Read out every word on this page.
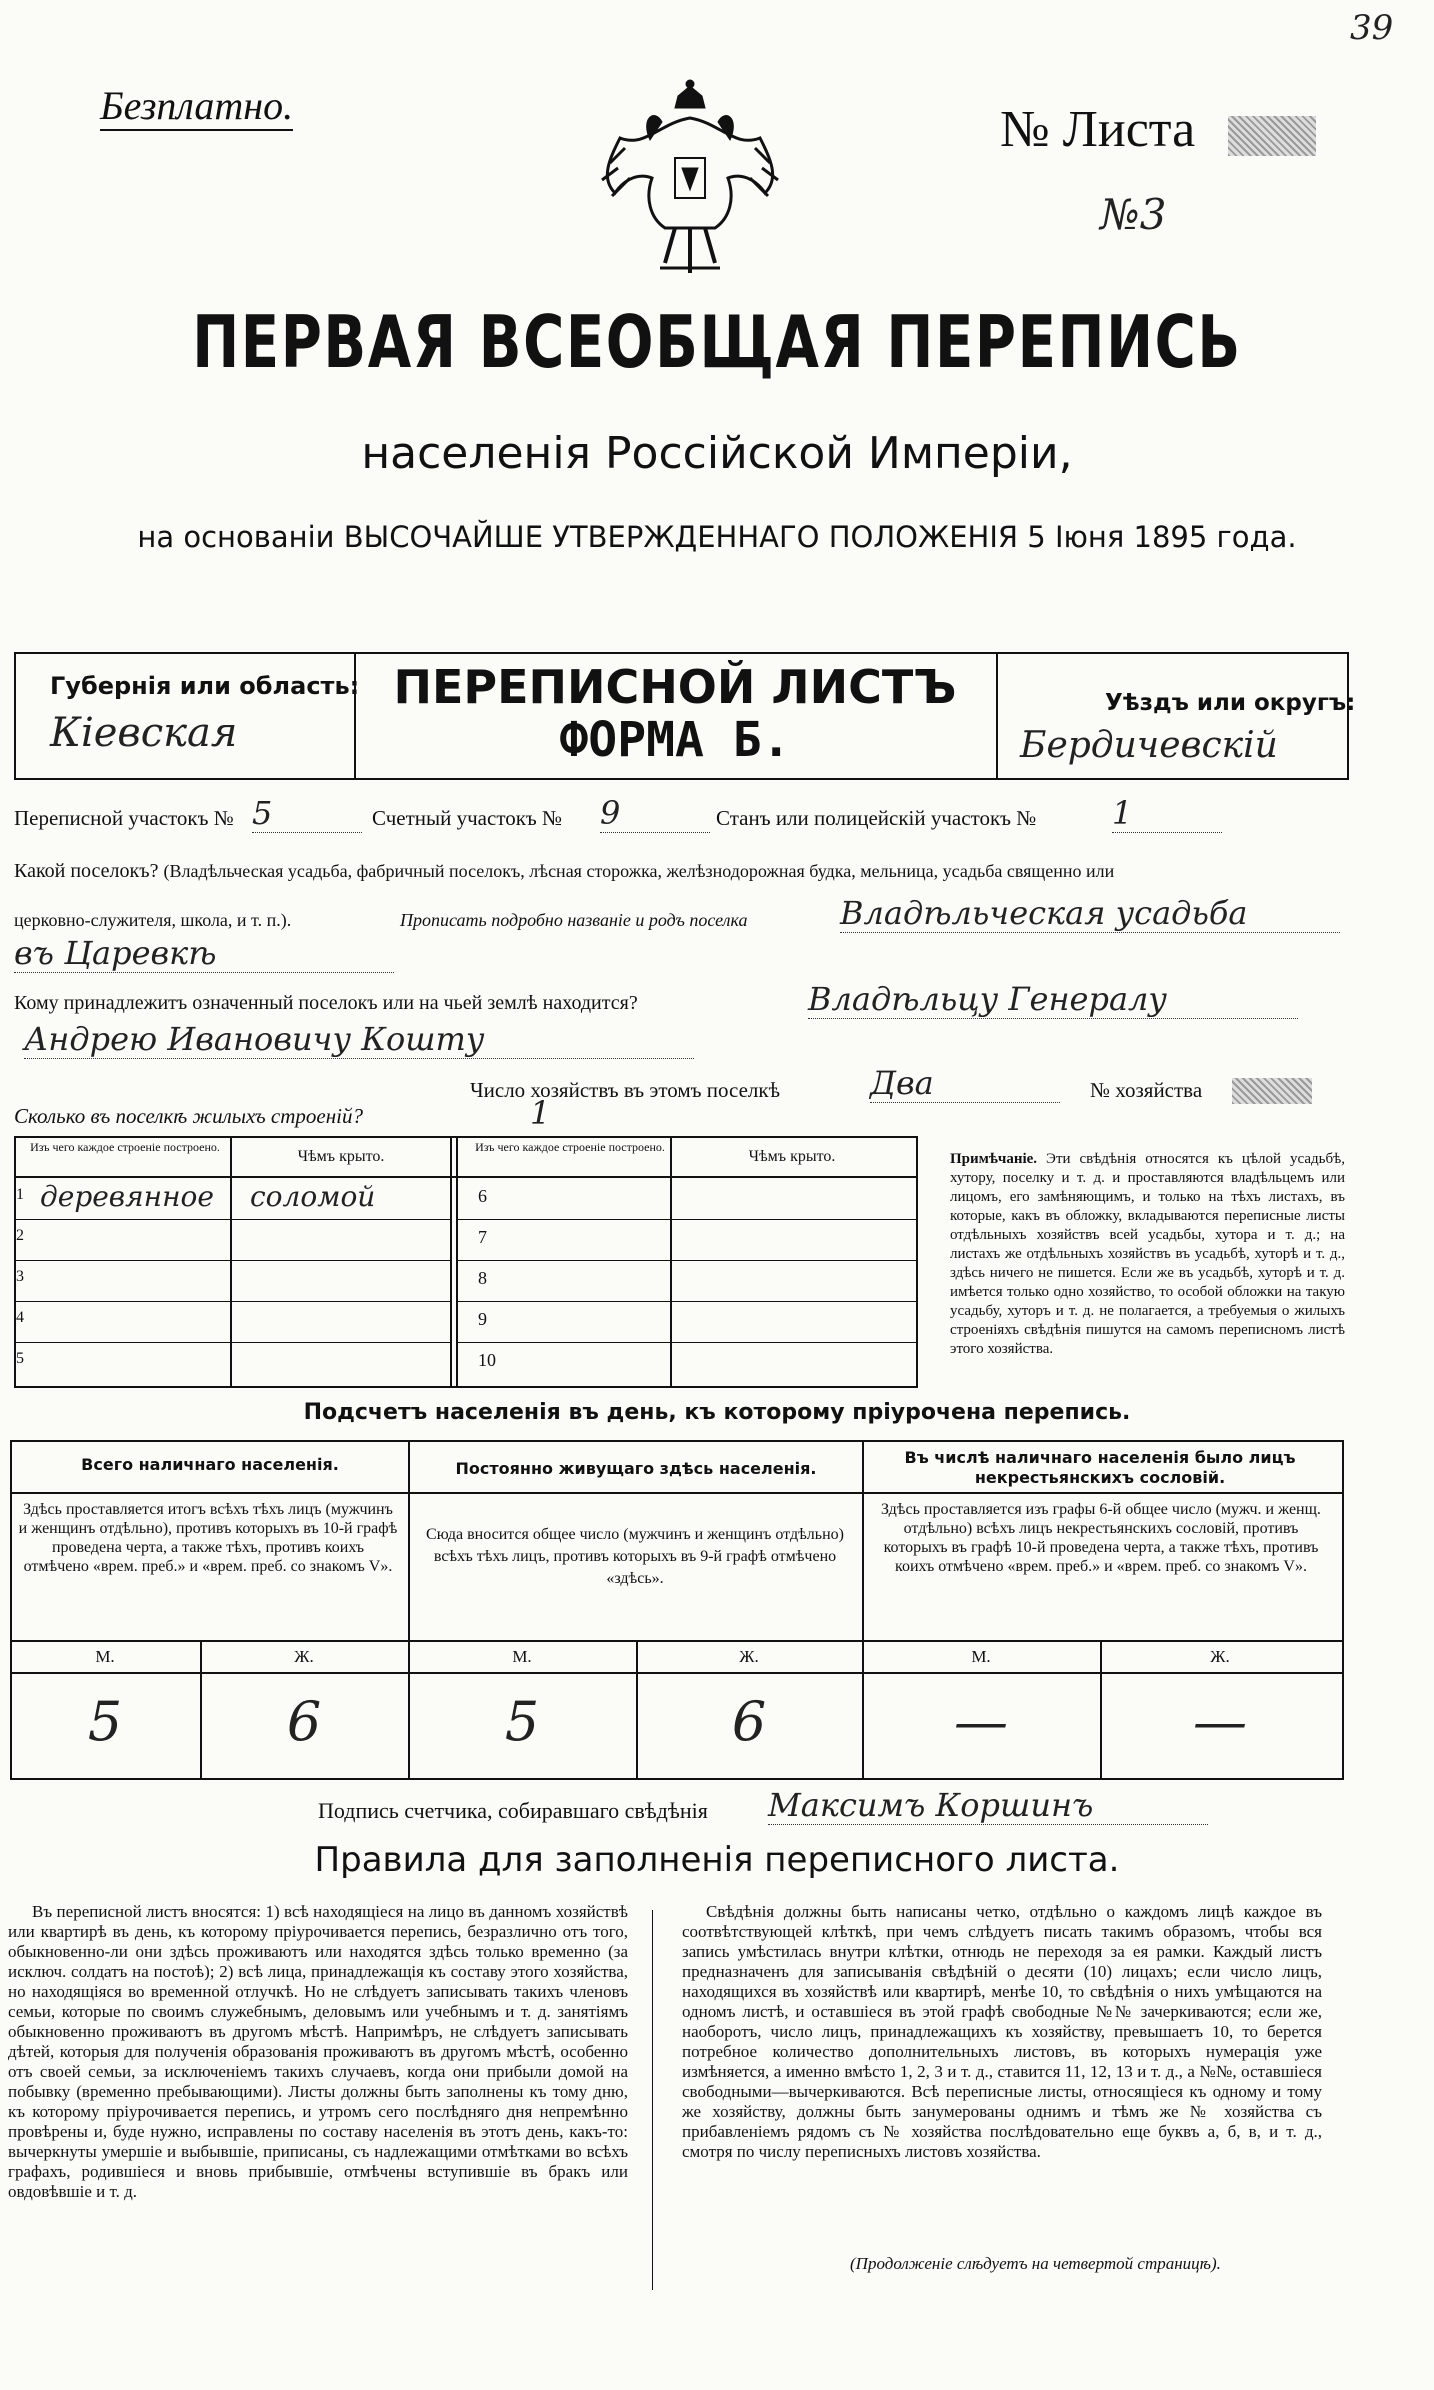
39
Безплатно.	№ Листа
№3
ПЕРВАЯ ВСЕОБЩАЯ ПЕРЕПИСЬ
населенія Россійской Имперіи,
на основаніи ВЫСОЧАЙШЕ УТВЕРЖДЕННАГО ПОЛОЖЕНІЯ 5 Іюня 1895 года.
Губернія или область:
Кіевская
ПЕРЕПИСНОЙ ЛИСТЪ
ФОРМА Б.
Уѣздъ или округъ:
Бердичевскій
Переписной участокъ № 5	Счетный участокъ № 9	Станъ или полицейскій участокъ № 1
Какой поселокъ? (Владѣльческая усадьба, фабричный поселокъ, лѣсная сторожка, желѣзнодорожная будка, мельница, усадьба священно или
церковно-служителя, школа, и т. п.).	Прописать подробно названіе и родъ поселка	Владѣльческая усадьба
въ Царевкѣ
Кому принадлежитъ означенный поселокъ или на чьей землѣ находится?	Владѣльцу Генералу
Андрею Ивановичу Кошту
Число хозяйствъ въ этомъ поселкѣ	Два	№ хозяйства
Сколько въ поселкѣ жилыхъ строеній?	1
Изъ чего каждое строеніе построено.
Чѣмъ крыто.
Изъ чего каждое строеніе построено.
Чѣмъ крыто.
1 деревянное соломой
2
3
4
5
6
7
8
9
10
Примѣчаніе. Эти свѣдѣнія относятся къ цѣлой усадьбѣ, хутору, поселку и т. д. и проставляются владѣльцемъ или лицомъ, его замѣняющимъ, и только на тѣхъ листахъ, въ которые, какъ въ обложку, вкладываются переписные листы отдѣльныхъ хозяйствъ всей усадьбы, хутора и т. д.; на листахъ же отдѣльныхъ хозяйствъ въ усадьбѣ, хуторѣ и т. д., здѣсь ничего не пишется. Если же въ усадьбѣ, хуторѣ и т. д. имѣется только одно хозяйство, то особой обложки на такую усадьбу, хуторъ и т. д. не полагается, а требуемыя о жилыхъ строеніяхъ свѣдѣнія пишутся на самомъ переписномъ листѣ этого хозяйства.
Подсчетъ населенія въ день, къ которому пріурочена перепись.
Всего наличнаго населенія.	Постоянно живущаго здѣсь населенія.
Въ числѣ наличнаго населенія было лицъ некрестьянскихъ сословій.
Здѣсь проставляется итогъ всѣхъ тѣхъ лицъ (мужчинъ и женщинъ отдѣльно), противъ которыхъ въ 10-й графѣ проведена черта, а также тѣхъ, противъ коихъ отмѣчено «врем. преб.» и «врем. преб. со знакомъ V».
Сюда вносится общее число (мужчинъ и женщинъ отдѣльно) всѣхъ тѣхъ лицъ, противъ которыхъ въ 9-й графѣ отмѣчено «здѣсь».
Здѣсь проставляется изъ графы 6-й общее число (мужч. и женщ. отдѣльно) всѣхъ лицъ некрестьянскихъ сословій, противъ которыхъ въ графѣ 10-й проведена черта, а также тѣхъ, противъ коихъ отмѣчено «врем. преб.» и «врем. преб. со знакомъ V».
М.	Ж.	М.	Ж.	М.	Ж.
5	6	5	6	—	—
Подпись счетчика, собиравшаго свѣдѣнія Максимъ Коршинъ
Правила для заполненія переписного листа.
Въ переписной листъ вносятся: 1) всѣ находящіеся на лицо въ данномъ хозяйствѣ или квартирѣ въ день, къ которому пріурочивается перепись, безразлично отъ того, обыкновенно-ли они здѣсь проживаютъ или находятся здѣсь только временно (за исключ. солдатъ на постоѣ); 2) всѣ лица, принадлежащія къ составу этого хозяйства, но находящіяся во временной отлучкѣ. Но не слѣдуетъ записывать такихъ членовъ семьи, которые по своимъ служебнымъ, деловымъ или учебнымъ и т. д. занятіямъ обыкновенно проживаютъ въ другомъ мѣстѣ. Напримѣръ, не слѣдуетъ записывать дѣтей, которыя для полученія образованія проживаютъ въ другомъ мѣстѣ, особенно отъ своей семьи, за исключеніемъ такихъ случаевъ, когда они прибыли домой на побывку (временно пребывающими). Листы должны быть заполнены къ тому дню, къ которому пріурочивается перепись, и утромъ сего послѣдняго дня непремѣнно провѣрены и, буде нужно, исправлены по составу населенія въ этотъ день, какъ-то: вычеркнуты умершіе и выбывшіе, приписаны, съ надлежащими отмѣтками во всѣхъ графахъ, родившіеся и вновь прибывшіе, отмѣчены вступившіе въ бракъ или овдовѣвшіе и т. д.
Свѣдѣнія должны быть написаны четко, отдѣльно о каждомъ лицѣ каждое въ соотвѣтствующей клѣткѣ, при чемъ слѣдуетъ писать такимъ образомъ, чтобы вся запись умѣстилась внутри клѣтки, отнюдь не переходя за ея рамки. Каждый листъ предназначенъ для записыванія свѣдѣній о десяти (10) лицахъ; если число лицъ, находящихся въ хозяйствѣ или квартирѣ, менѣе 10, то свѣдѣнія о нихъ умѣщаются на одномъ листѣ, и оставшіеся въ этой графѣ свободные №№ зачеркиваются; если же, наоборотъ, число лицъ, принадлежащихъ къ хозяйству, превышаетъ 10, то берется потребное количество дополнительныхъ листовъ, въ которыхъ нумерація уже измѣняется, а именно вмѣсто 1, 2, 3 и т. д., ставится 11, 12, 13 и т. д., а №№, оставшіеся свободными—вычеркиваются. Всѣ переписные листы, относящіеся къ одному и тому же хозяйству, должны быть занумерованы однимъ и тѣмъ же № хозяйства съ прибавленіемъ рядомъ съ № хозяйства послѣдовательно еще буквъ а, б, в, и т. д., смотря по числу переписныхъ листовъ хозяйства.
(Продолженіе слѣдуетъ на четвертой страницѣ).
